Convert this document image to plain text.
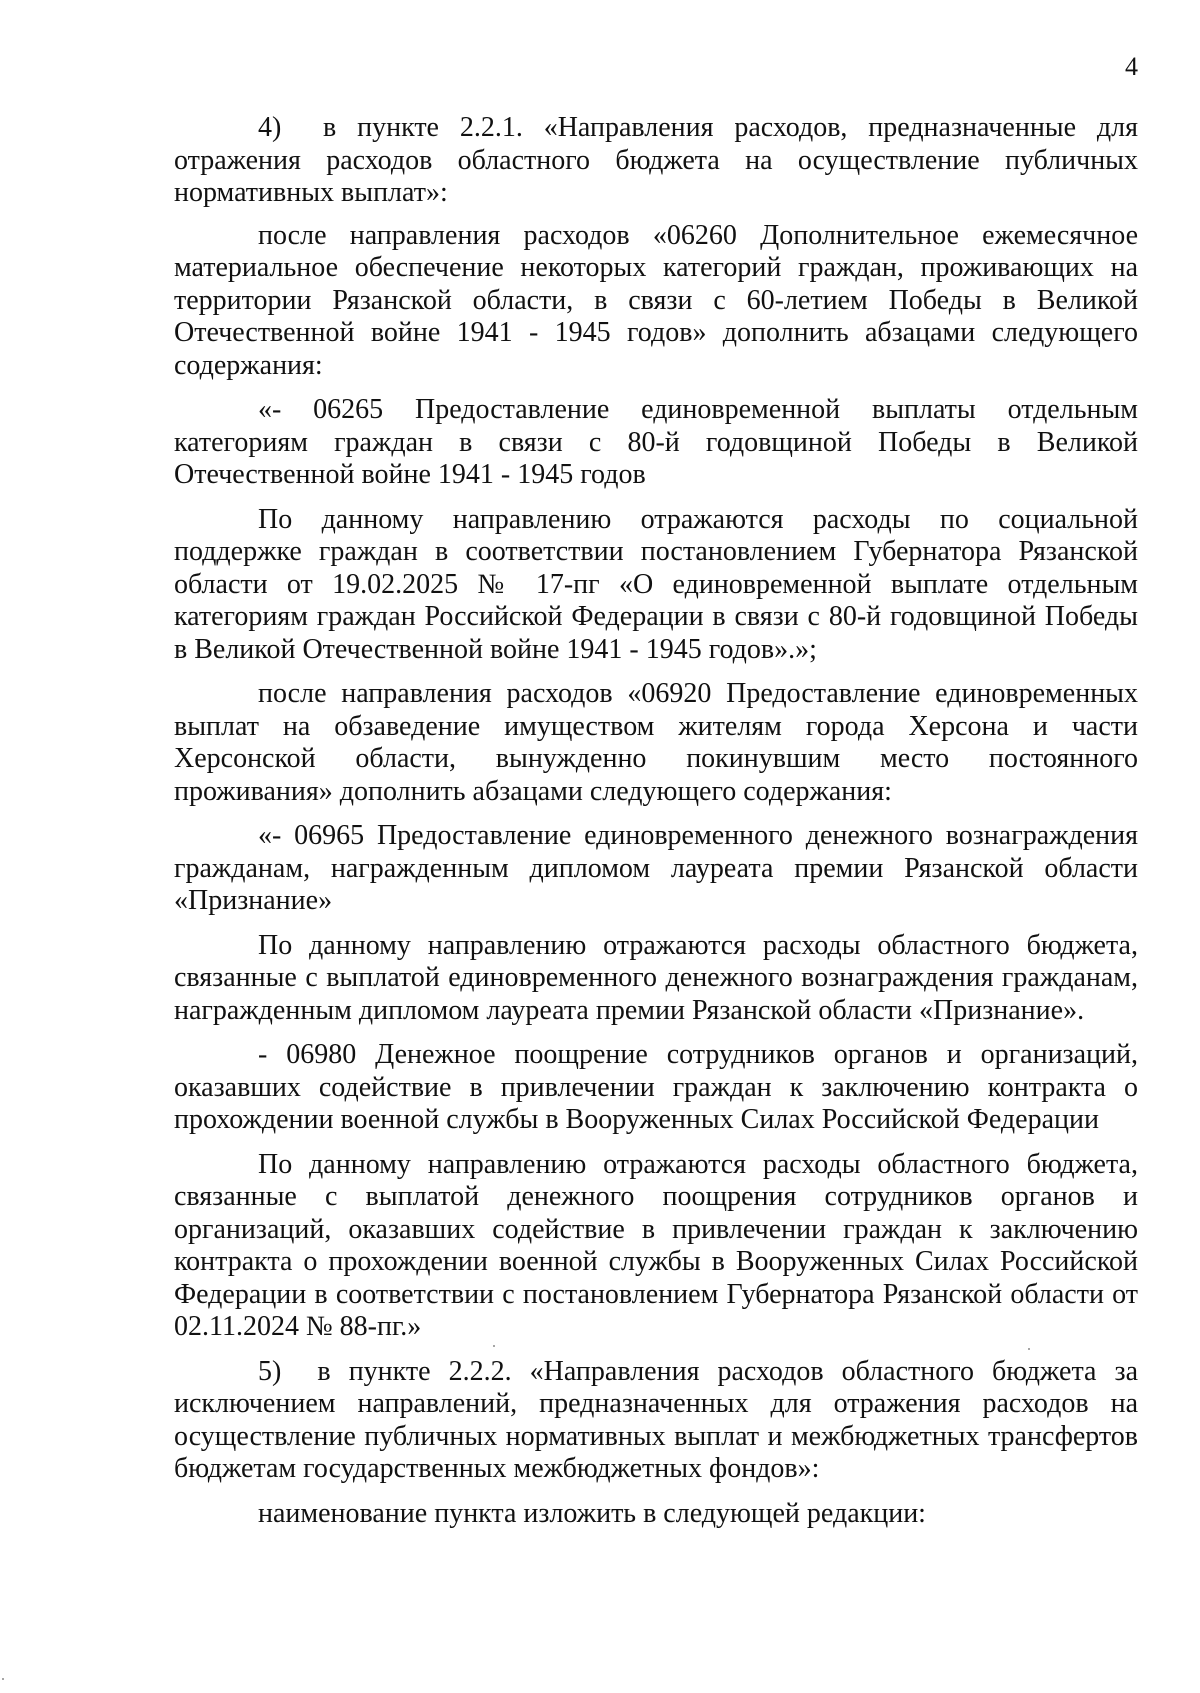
4

4)  в пункте 2.2.1. «Направления расходов, предназначенные для отражения расходов областного бюджета на осуществление публичных нормативных выплат»:

после направления расходов «06260 Дополнительное ежемесячное материальное обеспечение некоторых категорий граждан, проживающих на территории Рязанской области, в связи с 60-летием Победы в Великой Отечественной войне 1941 - 1945 годов» дополнить абзацами следующего содержания:

«- 06265 Предоставление единовременной выплаты отдельным категориям граждан в связи с 80-й годовщиной Победы в Великой Отечественной войне 1941 - 1945 годов

По данному направлению отражаются расходы по социальной поддержке граждан в соответствии постановлением Губернатора Рязанской области от 19.02.2025 № 17-пг «О единовременной выплате отдельным категориям граждан Российской Федерации в связи с 80-й годовщиной Победы в Великой Отечественной войне 1941 - 1945 годов».»;

после направления расходов «06920 Предоставление единовременных выплат на обзаведение имуществом жителям города Херсона и части Херсонской области, вынужденно покинувшим место постоянного проживания» дополнить абзацами следующего содержания:

«- 06965 Предоставление единовременного денежного вознаграждения гражданам, награжденным дипломом лауреата премии Рязанской области «Признание»

По данному направлению отражаются расходы областного бюджета, связанные с выплатой единовременного денежного вознаграждения гражданам, награжденным дипломом лауреата премии Рязанской области «Признание».

- 06980 Денежное поощрение сотрудников органов и организаций, оказавших содействие в привлечении граждан к заключению контракта о прохождении военной службы в Вооруженных Силах Российской Федерации

По данному направлению отражаются расходы областного бюджета, связанные с выплатой денежного поощрения сотрудников органов и организаций, оказавших содействие в привлечении граждан к заключению контракта о прохождении военной службы в Вооруженных Силах Российской Федерации в соответствии с постановлением Губернатора Рязанской области от 02.11.2024 № 88-пг.»

5)  в пункте 2.2.2. «Направления расходов областного бюджета за исключением направлений, предназначенных для отражения расходов на осуществление публичных нормативных выплат и межбюджетных трансфертов бюджетам государственных межбюджетных фондов»:

наименование пункта изложить в следующей редакции:
